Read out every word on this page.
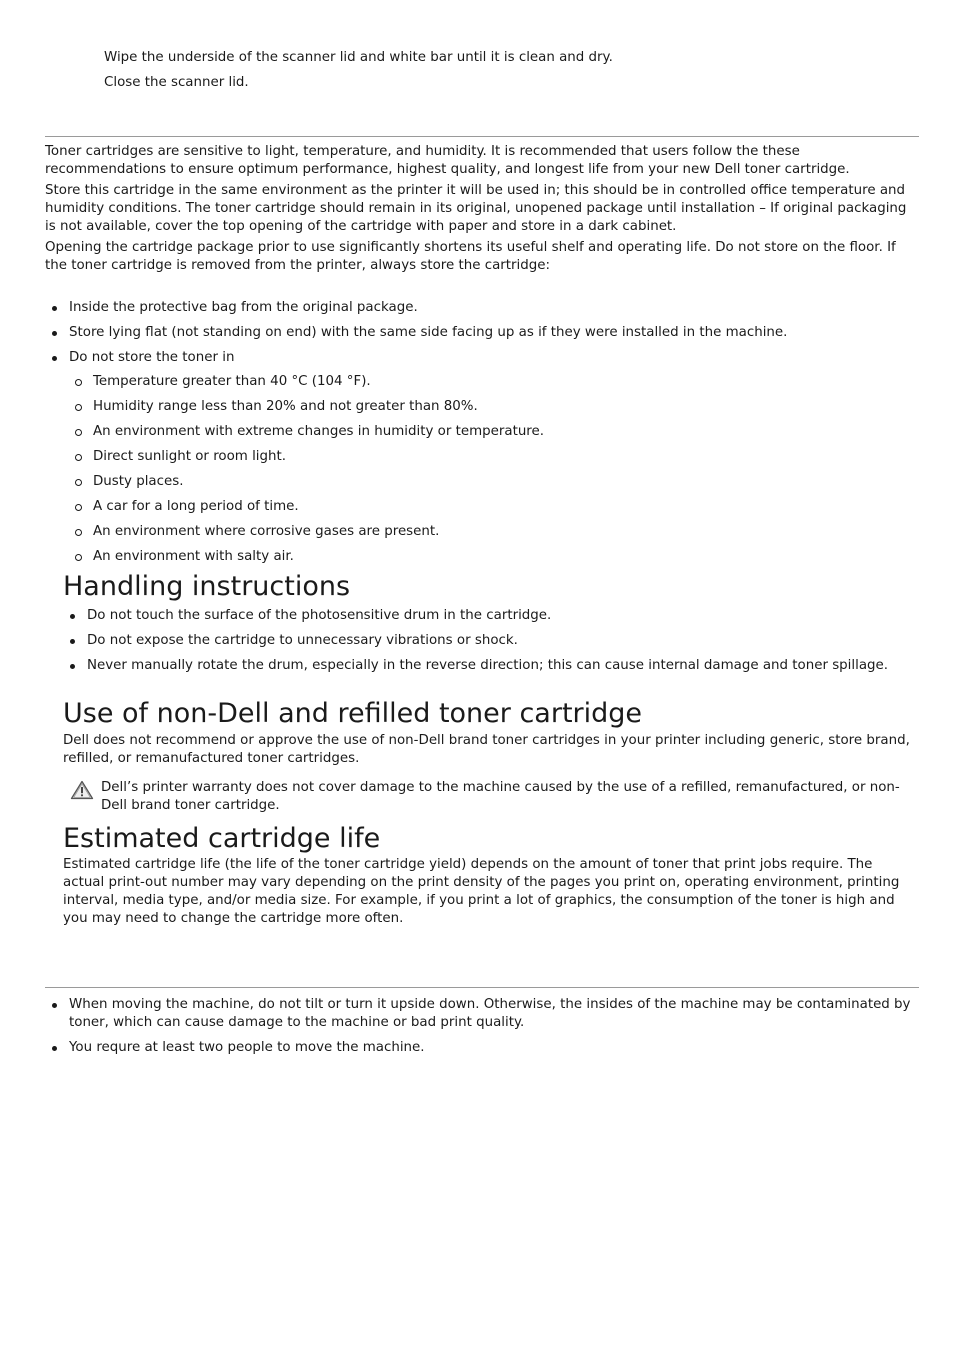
Wipe the underside of the scanner lid and white bar until it is clean and dry.

Close the scanner lid.

Toner cartridges are sensitive to light, temperature, and humidity. It is recommended that users follow the these recommendations to ensure optimum performance, highest quality, and longest life from your new Dell toner cartridge.

Store this cartridge in the same environment as the printer it will be used in; this should be in controlled office temperature and humidity conditions. The toner cartridge should remain in its original, unopened package until installation – If original packaging is not available, cover the top opening of the cartridge with paper and store in a dark cabinet.

Opening the cartridge package prior to use significantly shortens its useful shelf and operating life. Do not store on the floor. If the toner cartridge is removed from the printer, always store the cartridge:

Inside the protective bag from the original package.
Store lying flat (not standing on end) with the same side facing up as if they were installed in the machine.
Do not store the toner in
Temperature greater than 40 °C (104 °F).
Humidity range less than 20% and not greater than 80%.
An environment with extreme changes in humidity or temperature.
Direct sunlight or room light.
Dusty places.
A car for a long period of time.
An environment where corrosive gases are present.
An environment with salty air.
Handling instructions
Do not touch the surface of the photosensitive drum in the cartridge.
Do not expose the cartridge to unnecessary vibrations or shock.
Never manually rotate the drum, especially in the reverse direction; this can cause internal damage and toner spillage.
Use of non-Dell and refilled toner cartridge

Dell does not recommend or approve the use of non-Dell brand toner cartridges in your printer including generic, store brand, refilled, or remanufactured toner cartridges.

Dell’s printer warranty does not cover damage to the machine caused by the use of a refilled, remanufactured, or non-Dell brand toner cartridge.

Estimated cartridge life

Estimated cartridge life (the life of the toner cartridge yield) depends on the amount of toner that print jobs require. The actual print-out number may vary depending on the print density of the pages you print on, operating environment, printing interval, media type, and/or media size. For example, if you print a lot of graphics, the consumption of the toner is high and you may need to change the cartridge more often.

When moving the machine, do not tilt or turn it upside down. Otherwise, the insides of the machine may be contaminated by toner, which can cause damage to the machine or bad print quality.
You requre at least two people to move the machine.
